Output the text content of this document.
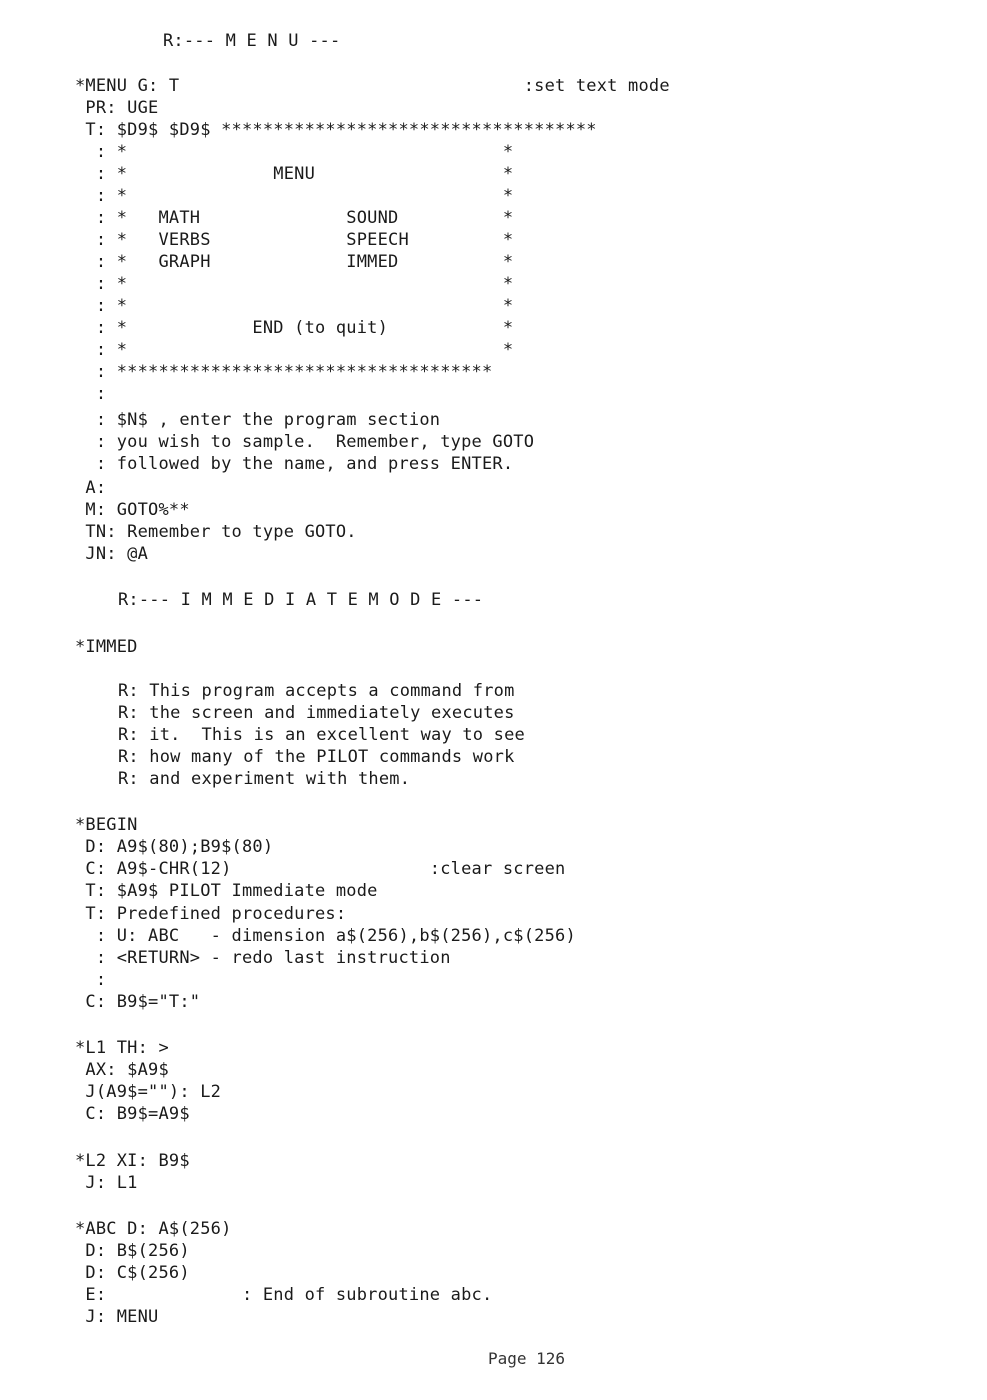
R:--- M E N U ---
*MENU G: T                                 :set text mode
PR: UGE
T: $D9$ $D9$ ************************************
: *                                    *
: *              MENU                  *
: *                                    *
: *   MATH              SOUND          *
: *   VERBS             SPEECH         *
: *   GRAPH             IMMED          *
: *                                    *
: *                                    *
: *            END (to quit)           *
: *                                    *
: ************************************
:
: $N$ , enter the program section
: you wish to sample.  Remember, type GOTO
: followed by the name, and press ENTER.
A:
M: GOTO%**
TN: Remember to type GOTO.
JN: @A
R:--- I M M E D I A T E M O D E ---
*IMMED
R: This program accepts a command from
R: the screen and immediately executes
R: it.  This is an excellent way to see
R: how many of the PILOT commands work
R: and experiment with them.
*BEGIN
D: A9$(80);B9$(80)
C: A9$-CHR(12)                   :clear screen
T: $A9$ PILOT Immediate mode
T: Predefined procedures:
: U: ABC   - dimension a$(256),b$(256),c$(256)
: <RETURN> - redo last instruction
:
C: B9$="T:"
*L1 TH: >
AX: $A9$
J(A9$=""): L2
C: B9$=A9$
*L2 XI: B9$
J: L1
*ABC D: A$(256)
D: B$(256)
D: C$(256)
E:             : End of subroutine abc.
J: MENU
Page 126
